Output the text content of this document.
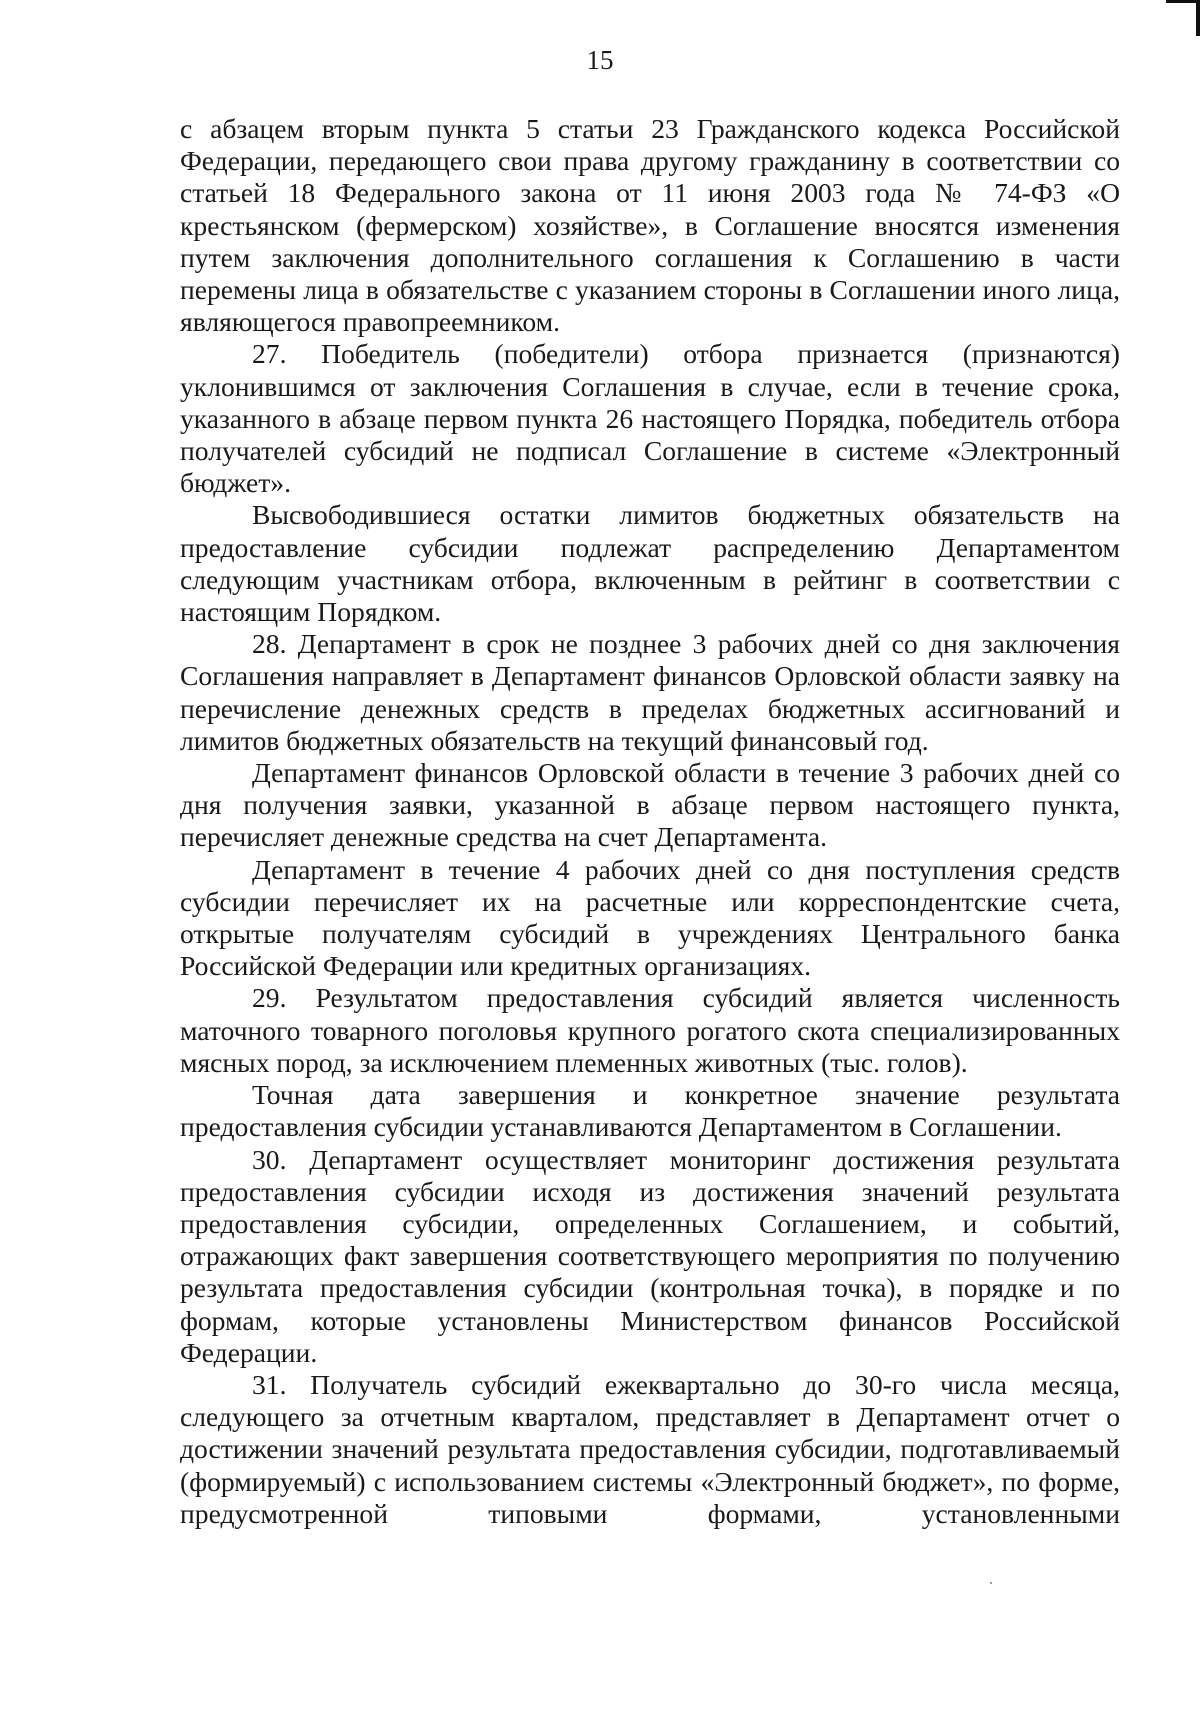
15

с абзацем вторым пункта 5 статьи 23 Гражданского кодекса Российской Федерации, передающего свои права другому гражданину в соответствии со статьей 18 Федерального закона от 11 июня 2003 года № 74-ФЗ «О крестьянском (фермерском) хозяйстве», в Соглашение вносятся изменения путем заключения дополнительного соглашения к Соглашению в части перемены лица в обязательстве с указанием стороны в Соглашении иного лица, являющегося правопреемником.

27. Победитель (победители) отбора признается (признаются) уклонившимся от заключения Соглашения в случае, если в течение срока, указанного в абзаце первом пункта 26 настоящего Порядка, победитель отбора получателей субсидий не подписал Соглашение в системе «Электронный бюджет».

Высвободившиеся остатки лимитов бюджетных обязательств на предоставление субсидии подлежат распределению Департаментом следующим участникам отбора, включенным в рейтинг в соответствии с настоящим Порядком.

28. Департамент в срок не позднее 3 рабочих дней со дня заключения Соглашения направляет в Департамент финансов Орловской области заявку на перечисление денежных средств в пределах бюджетных ассигнований и лимитов бюджетных обязательств на текущий финансовый год.

Департамент финансов Орловской области в течение 3 рабочих дней со дня получения заявки, указанной в абзаце первом настоящего пункта, перечисляет денежные средства на счет Департамента.

Департамент в течение 4 рабочих дней со дня поступления средств субсидии перечисляет их на расчетные или корреспондентские счета, открытые получателям субсидий в учреждениях Центрального банка Российской Федерации или кредитных организациях.

29. Результатом предоставления субсидий является численность маточного товарного поголовья крупного рогатого скота специализированных мясных пород, за исключением племенных животных (тыс. голов).

Точная дата завершения и конкретное значение результата предоставления субсидии устанавливаются Департаментом в Соглашении.

30. Департамент осуществляет мониторинг достижения результата предоставления субсидии исходя из достижения значений результата предоставления субсидии, определенных Соглашением, и событий, отражающих факт завершения соответствующего мероприятия по получению результата предоставления субсидии (контрольная точка), в порядке и по формам, которые установлены Министерством финансов Российской Федерации.

31. Получатель субсидий ежеквартально до 30-го числа месяца, следующего за отчетным кварталом, представляет в Департамент отчет о достижении значений результата предоставления субсидии, подготавливаемый (формируемый) с использованием системы «Электронный бюджет», по форме, предусмотренной типовыми формами, установленными
